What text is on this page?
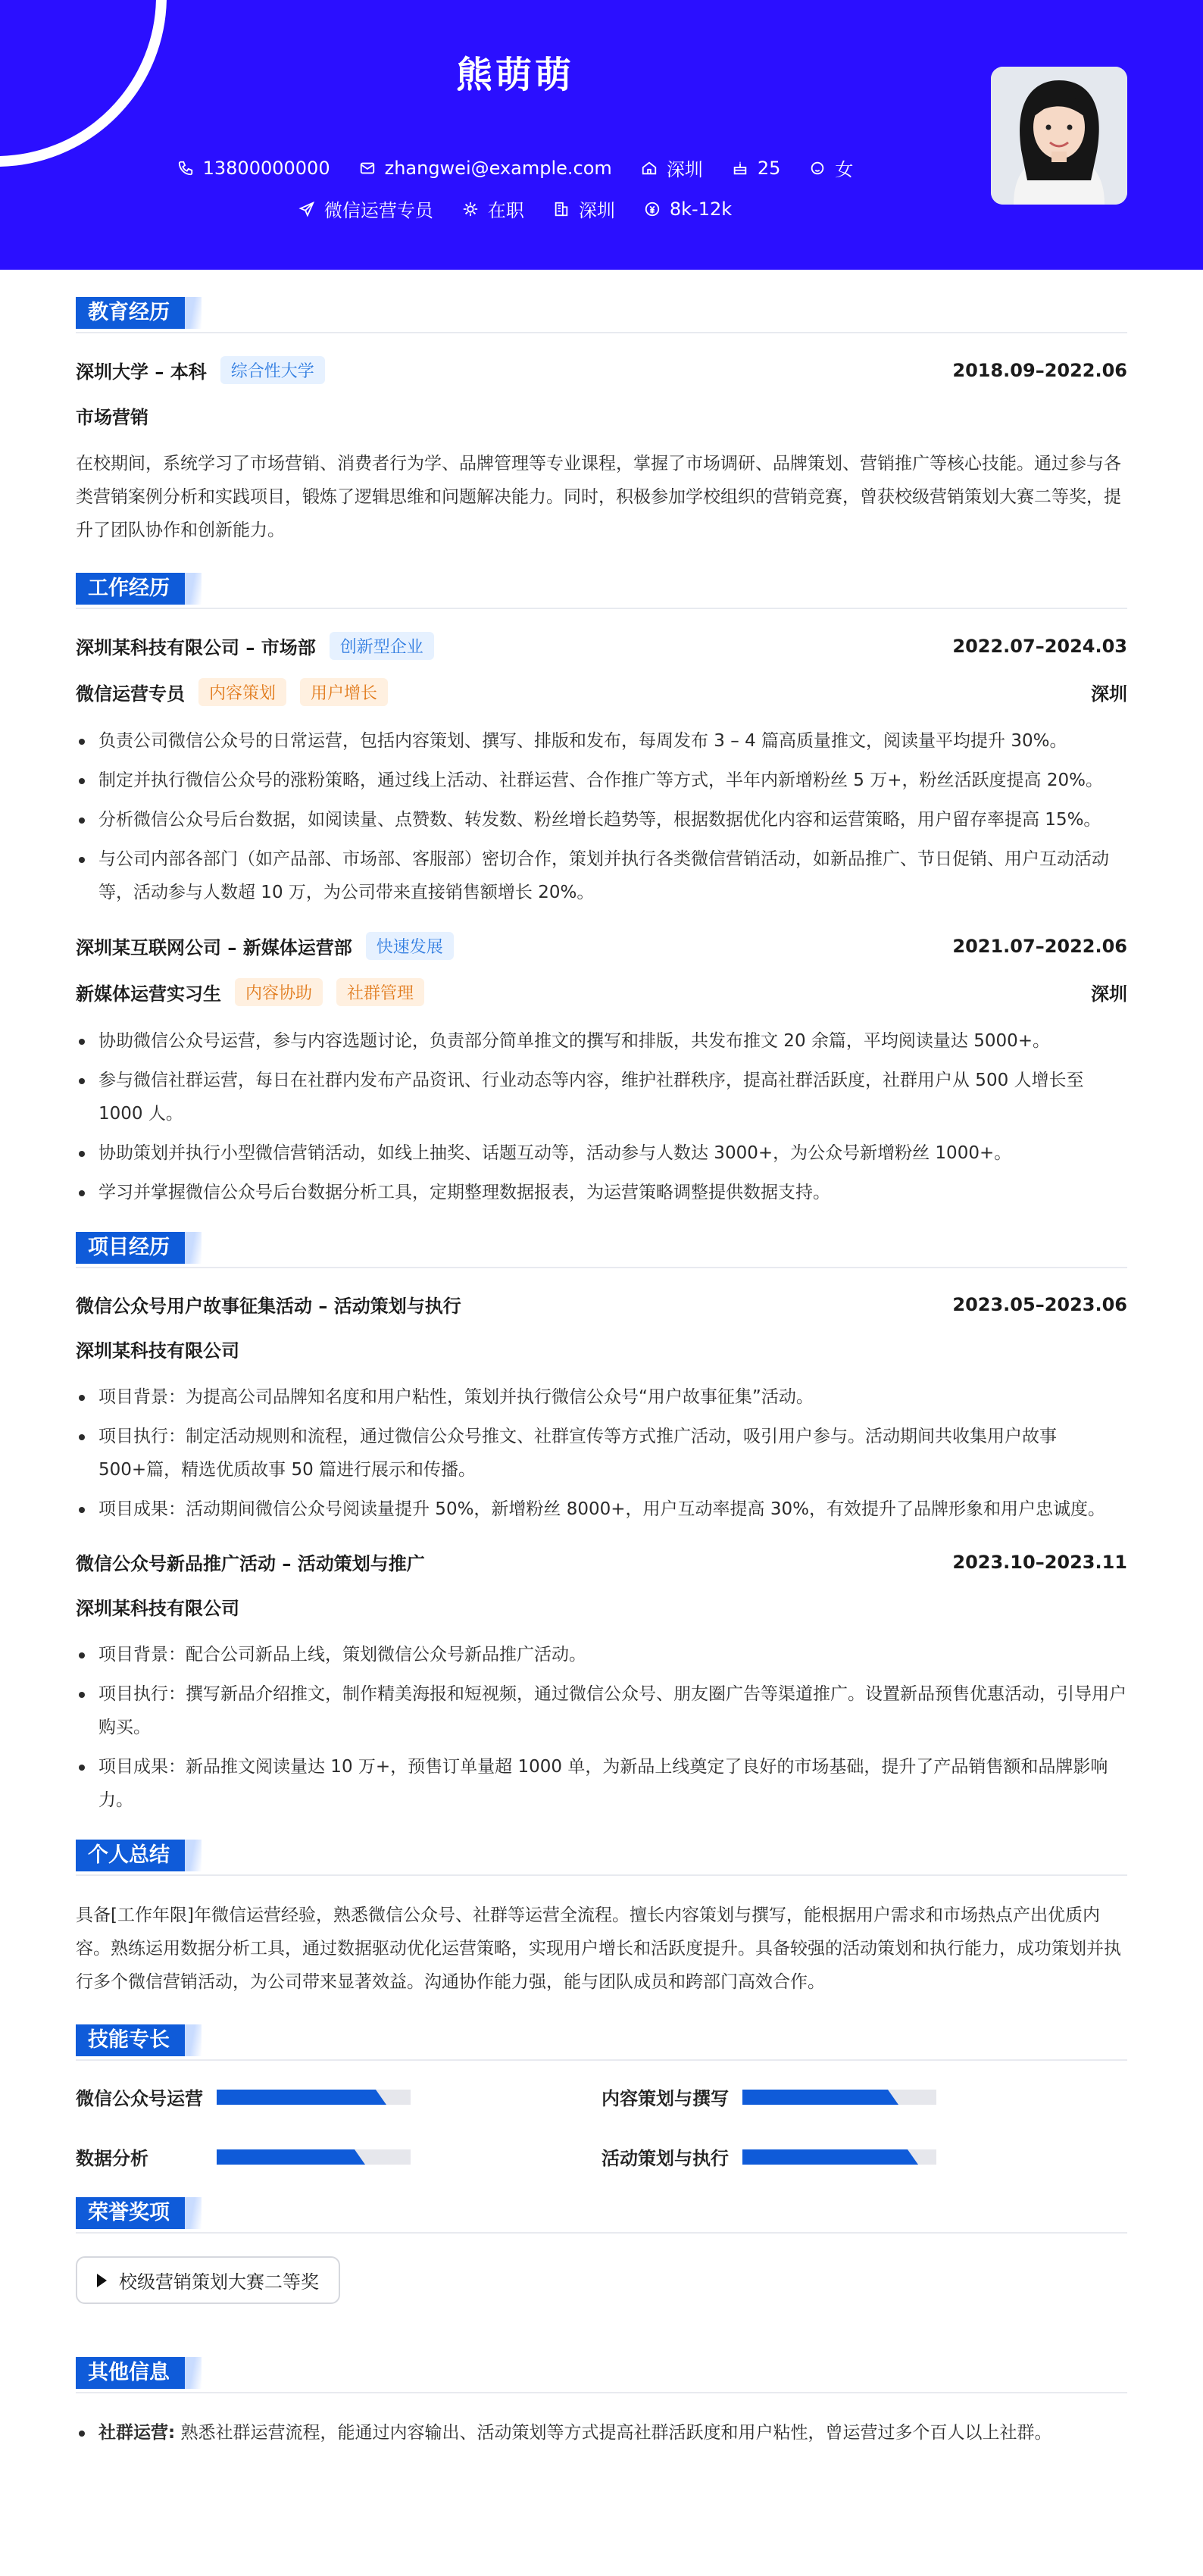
熊萌萌
13800000000	zhangwei@example.com	深圳	25	女
微信运营专员	在职	深圳	8k-12k
教育经历
深圳大学 – 本科	综合性大学	2018.09–2022.06
市场营销

在校期间，系统学习了市场营销、消费者行为学、品牌管理等专业课程，掌握了市场调研、品牌策划、营销推广等核心技能。通过参与各类营销案例分析和实践项目，锻炼了逻辑思维和问题解决能力。同时，积极参加学校组织的营销竞赛，曾获校级营销策划大赛二等奖，提升了团队协作和创新能力。

工作经历
深圳某科技有限公司 – 市场部	创新型企业	2022.07–2024.03
微信运营专员	内容策划	用户增长	深圳
负责公司微信公众号的日常运营，包括内容策划、撰写、排版和发布，每周发布 3 – 4 篇高质量推文，阅读量平均提升 30%。
制定并执行微信公众号的涨粉策略，通过线上活动、社群运营、合作推广等方式，半年内新增粉丝 5 万+，粉丝活跃度提高 20%。
分析微信公众号后台数据，如阅读量、点赞数、转发数、粉丝增长趋势等，根据数据优化内容和运营策略，用户留存率提高 15%。
与公司内部各部门（如产品部、市场部、客服部）密切合作，策划并执行各类微信营销活动，如新品推广、节日促销、用户互动活动等，活动参与人数超 10 万，为公司带来直接销售额增长 20%。
深圳某互联网公司 – 新媒体运营部	快速发展	2021.07–2022.06
新媒体运营实习生	内容协助	社群管理	深圳
协助微信公众号运营，参与内容选题讨论，负责部分简单推文的撰写和排版，共发布推文 20 余篇，平均阅读量达 5000+。
参与微信社群运营，每日在社群内发布产品资讯、行业动态等内容，维护社群秩序，提高社群活跃度，社群用户从 500 人增长至 1000 人。
协助策划并执行小型微信营销活动，如线上抽奖、话题互动等，活动参与人数达 3000+，为公众号新增粉丝 1000+。
学习并掌握微信公众号后台数据分析工具，定期整理数据报表，为运营策略调整提供数据支持。
项目经历
微信公众号用户故事征集活动 – 活动策划与执行	2023.05–2023.06
深圳某科技有限公司
项目背景：为提高公司品牌知名度和用户粘性，策划并执行微信公众号“用户故事征集”活动。
项目执行：制定活动规则和流程，通过微信公众号推文、社群宣传等方式推广活动，吸引用户参与。活动期间共收集用户故事 500+篇，精选优质故事 50 篇进行展示和传播。
项目成果：活动期间微信公众号阅读量提升 50%，新增粉丝 8000+，用户互动率提高 30%，有效提升了品牌形象和用户忠诚度。
微信公众号新品推广活动 – 活动策划与推广	2023.10–2023.11
深圳某科技有限公司
项目背景：配合公司新品上线，策划微信公众号新品推广活动。
项目执行：撰写新品介绍推文，制作精美海报和短视频，通过微信公众号、朋友圈广告等渠道推广。设置新品预售优惠活动，引导用户购买。
项目成果：新品推文阅读量达 10 万+，预售订单量超 1000 单，为新品上线奠定了良好的市场基础，提升了产品销售额和品牌影响力。
个人总结

具备[工作年限]年微信运营经验，熟悉微信公众号、社群等运营全流程。擅长内容策划与撰写，能根据用户需求和市场热点产出优质内容。熟练运用数据分析工具，通过数据驱动优化运营策略，实现用户增长和活跃度提升。具备较强的活动策划和执行能力，成功策划并执行多个微信营销活动，为公司带来显著效益。沟通协作能力强，能与团队成员和跨部门高效合作。

技能专长
微信公众号运营	内容策划与撰写
数据分析	活动策划与执行
荣誉奖项
校级营销策划大赛二等奖
其他信息
社群运营: 熟悉社群运营流程，能通过内容输出、活动策划等方式提高社群活跃度和用户粘性，曾运营过多个百人以上社群。
